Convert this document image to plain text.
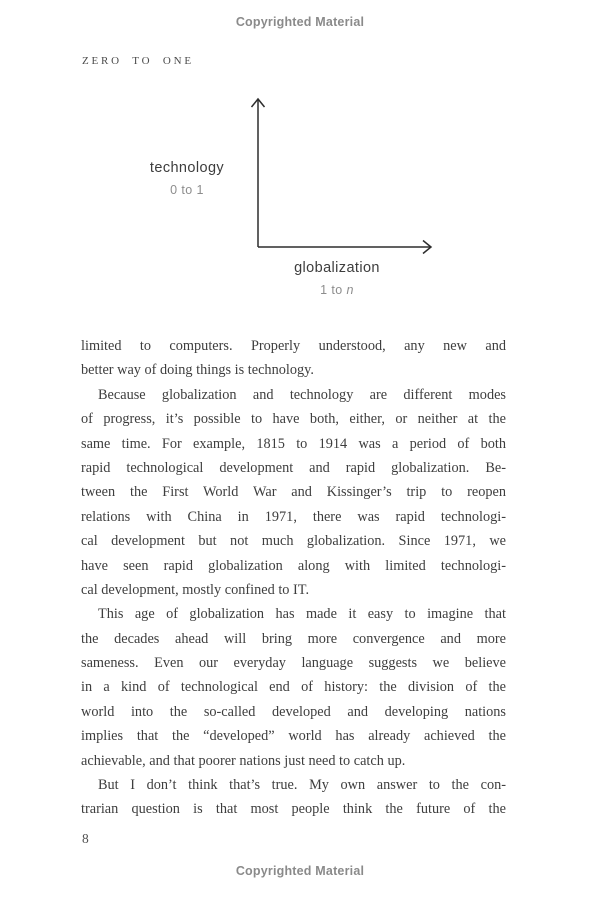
Copyrighted Material
ZERO TO ONE
technology
0 to 1
globalization
1 to n
limited to computers. Properly understood, any new and
better way of doing things is technology.
Because globalization and technology are different modes
of progress, it’s possible to have both, either, or neither at the
same time. For example, 1815 to 1914 was a period of both
rapid technological development and rapid globalization. Be-
tween the First World War and Kissinger’s trip to reopen
relations with China in 1971, there was rapid technologi-
cal development but not much globalization. Since 1971, we
have seen rapid globalization along with limited technologi-
cal development, mostly confined to IT.
This age of globalization has made it easy to imagine that
the decades ahead will bring more convergence and more
sameness. Even our everyday language suggests we believe
in a kind of technological end of history: the division of the
world into the so-called developed and developing nations
implies that the “developed” world has already achieved the
achievable, and that poorer nations just need to catch up.
But I don’t think that’s true. My own answer to the con-
trarian question is that most people think the future of the
8
Copyrighted Material
